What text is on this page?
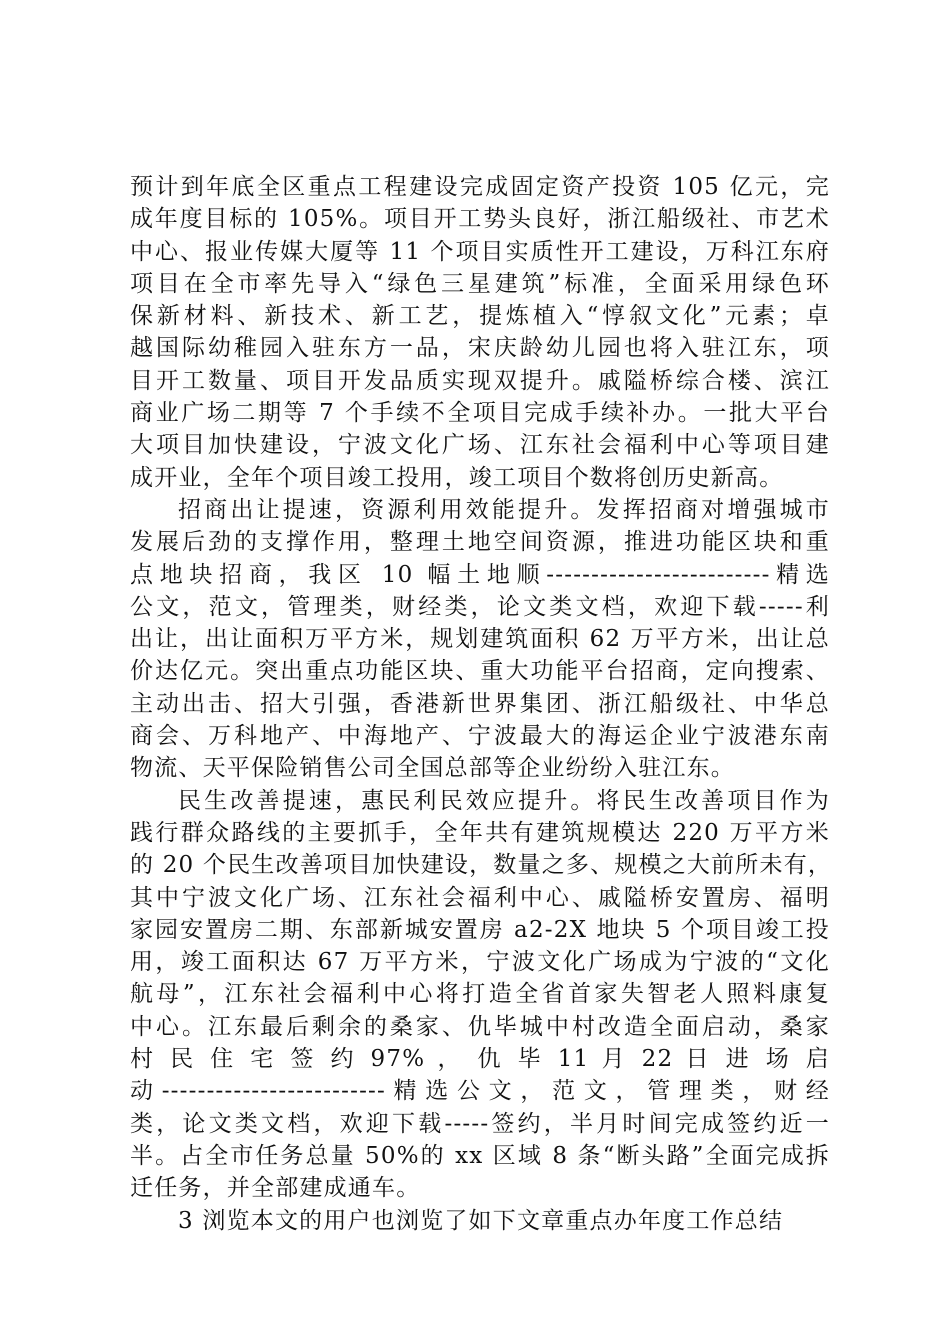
预计到年底全区重点工程建设完成固定资产投资 105 亿元，完
成年度目标的 105%。项目开工势头良好，浙江船级社、市艺术
中心、报业传媒大厦等 11 个项目实质性开工建设，万科江东府
项目在全市率先导入“绿色三星建筑”标准，全面采用绿色环
保新材料、新技术、新工艺，提炼植入“惇叙文化”元素；卓
越国际幼稚园入驻东方一品，宋庆龄幼儿园也将入驻江东，项
目开工数量、项目开发品质实现双提升。戚隘桥综合楼、滨江
商业广场二期等 7 个手续不全项目完成手续补办。一批大平台
大项目加快建设，宁波文化广场、江东社会福利中心等项目建
成开业，全年个项目竣工投用，竣工项目个数将创历史新高。
招商出让提速，资源利用效能提升。发挥招商对增强城市
发展后劲的支撑作用，整理土地空间资源，推进功能区块和重
点地块招商，我区 10 幅土地顺-------------------------精选
公文，范文，管理类，财经类，论文类文档，欢迎下载-----利
出让，出让面积万平方米，规划建筑面积 62 万平方米，出让总
价达亿元。突出重点功能区块、重大功能平台招商，定向搜索、
主动出击、招大引强，香港新世界集团、浙江船级社、中华总
商会、万科地产、中海地产、宁波最大的海运企业宁波港东南
物流、天平保险销售公司全国总部等企业纷纷入驻江东。
民生改善提速，惠民利民效应提升。将民生改善项目作为
践行群众路线的主要抓手，全年共有建筑规模达 220 万平方米
的 20 个民生改善项目加快建设，数量之多、规模之大前所未有，
其中宁波文化广场、江东社会福利中心、戚隘桥安置房、福明
家园安置房二期、东部新城安置房 a2-2X 地块 5 个项目竣工投
用，竣工面积达 67 万平方米，宁波文化广场成为宁波的“文化
航母”，江东社会福利中心将打造全省首家失智老人照料康复
中心。江东最后剩余的桑家、仇毕城中村改造全面启动，桑家
村 民 住 宅 签 约 97% ， 仇 毕 11 月 22 日 进 场 启
动-------------------------精选公文，范文，管理类，财经
类，论文类文档，欢迎下载-----签约，半月时间完成签约近一
半。占全市任务总量 50%的 xx 区域 8 条“断头路”全面完成拆
迁任务，并全部建成通车。
3 浏览本文的用户也浏览了如下文章重点办年度工作总结
